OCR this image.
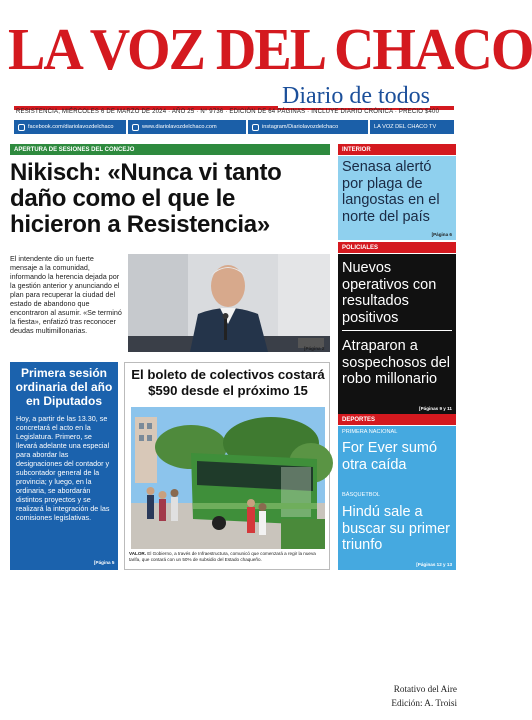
LA VOZ DEL CHACO
Diario de todos
RESISTENCIA, MIÉRCOLES 6 DE MARZO DE 2024 · AÑO 25 · N° 9736 · EDICIÓN DE 64 PÁGINAS · INCLUYE DIARIO CRÓNICA · PRECIO $400
facebook.com/diariolavozdelchaco	www.diariolavozdelchaco.com	instagram/Diariolavozdelchaco	LA VOZ DEL CHACO TV
APERTURA DE SESIONES DEL CONCEJO
Nikisch: «Nunca vi tanto daño como el que le hicieron a Resistencia»
El intendente dio un fuerte mensaje a la comunidad, informando la herencia dejada por la gestión anterior y anunciando el plan para recuperar la ciudad del estado de abandono que encontraron al asumir. «Se terminó la fiesta», enfatizó tras reconocer deudas multimillonarias.
[Página 2
Primera sesión ordinaria del año en Diputados
Hoy, a partir de las 13.30, se concretará el acto en la Legislatura. Primero, se llevará adelante una especial para abordar las designaciones del contador y subcontador general de la provincia; y luego, en la ordinaria, se abordarán distintos proyectos y se realizará la integración de las comisiones legislativas.
[Página 5
El boleto de colectivos costará $590 desde el próximo 15
VALOR. El Gobierno, a través de Infraestructura, comunicó que comenzará a regir la nueva tarifa, que contará con un 50% de subsidio del Estado chaqueño.
INTERIOR
Senasa alertó por plaga de langostas en el norte del país
[Página 6
POLICIALES
Nuevos operativos con resultados positivos
Atraparon a sospechosos del robo millonario
[Páginas 9 y 11
DEPORTES
PRIMERA NACIONAL
For Ever sumó otra caída
BÁSQUETBOL
Hindú sale a buscar su primer triunfo
[Páginas 12 y 13
Rotativo del Aire
Edición: A. Troisi
